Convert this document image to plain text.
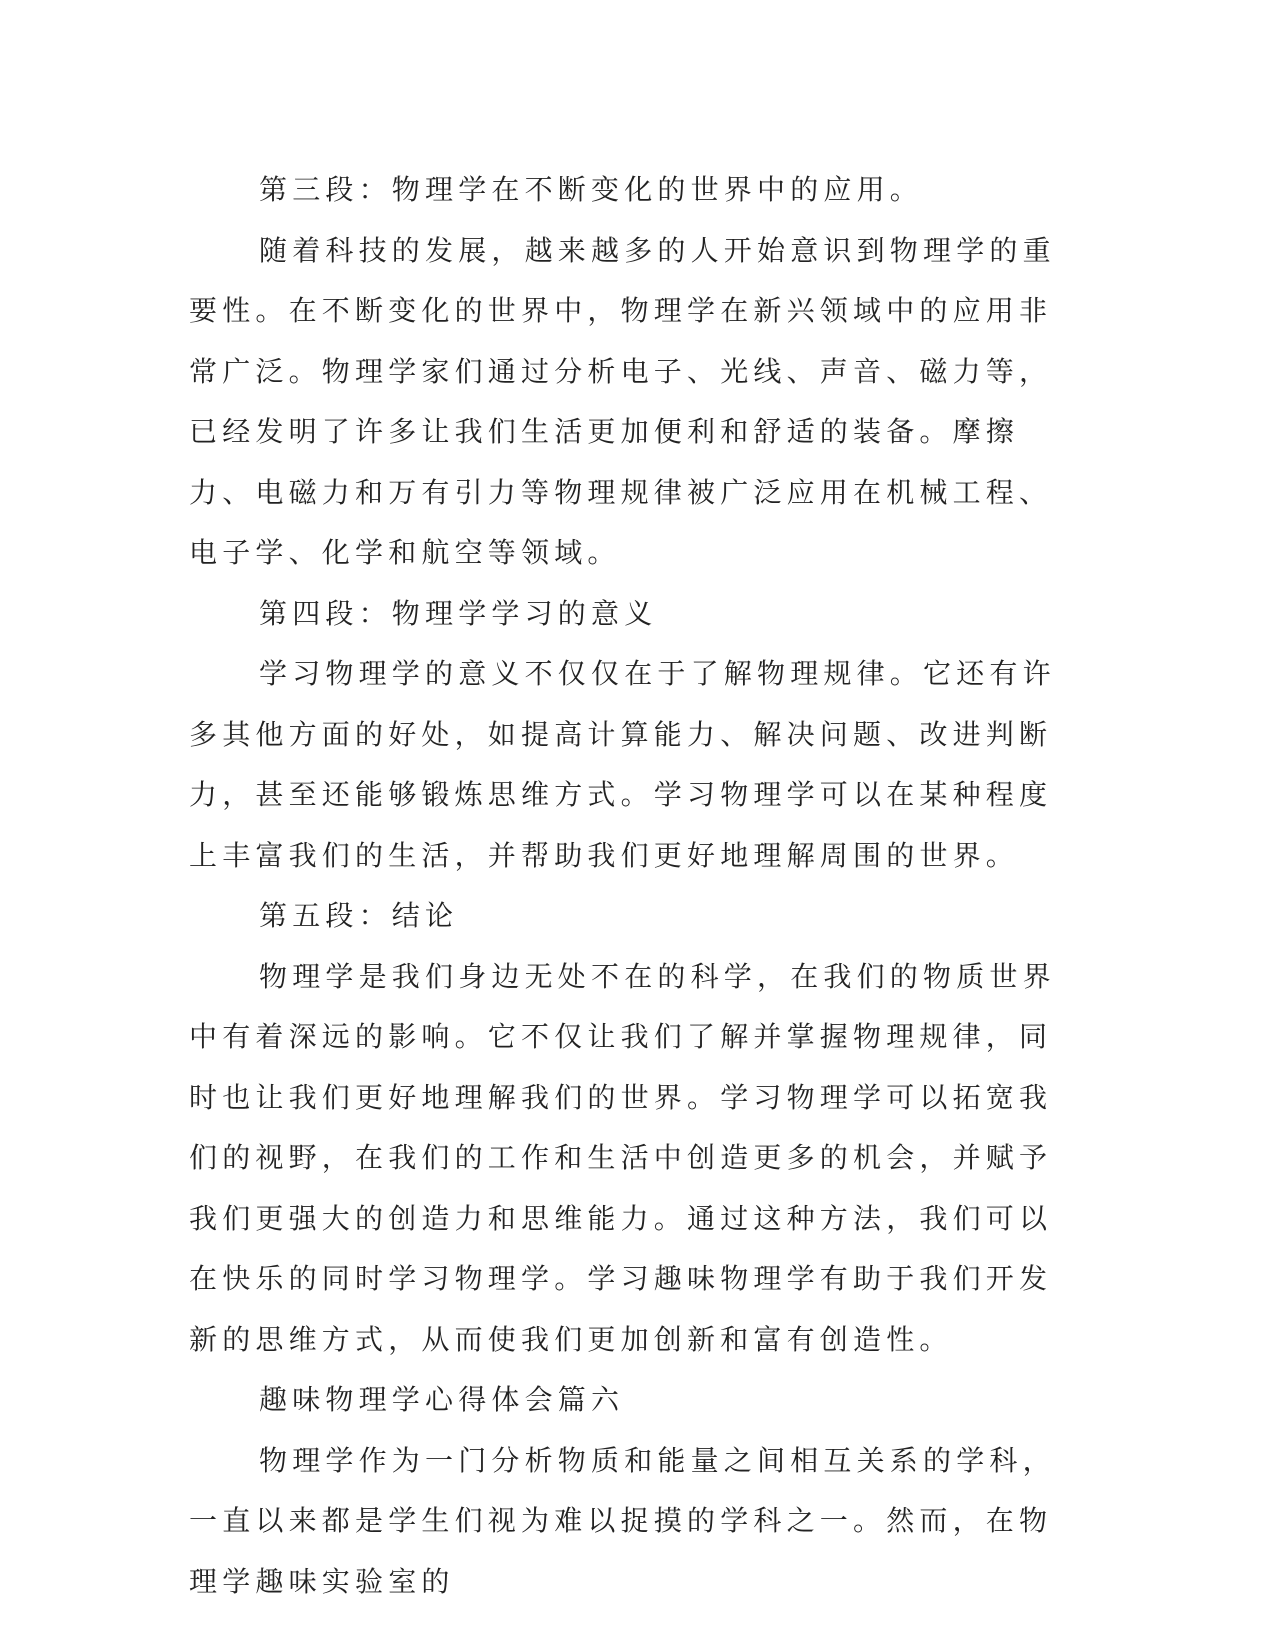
第三段：物理学在不断变化的世界中的应用。

随着科技的发展，越来越多的人开始意识到物理学的重要性。在不断变化的世界中，物理学在新兴领域中的应用非常广泛。物理学家们通过分析电子、光线、声音、磁力等，已经发明了许多让我们生活更加便利和舒适的装备。摩擦力、电磁力和万有引力等物理规律被广泛应用在机械工程、电子学、化学和航空等领域。

第四段：物理学学习的意义

学习物理学的意义不仅仅在于了解物理规律。它还有许多其他方面的好处，如提高计算能力、解决问题、改进判断力，甚至还能够锻炼思维方式。学习物理学可以在某种程度上丰富我们的生活，并帮助我们更好地理解周围的世界。

第五段：结论

物理学是我们身边无处不在的科学，在我们的物质世界中有着深远的影响。它不仅让我们了解并掌握物理规律，同时也让我们更好地理解我们的世界。学习物理学可以拓宽我们的视野，在我们的工作和生活中创造更多的机会，并赋予我们更强大的创造力和思维能力。通过这种方法，我们可以在快乐的同时学习物理学。学习趣味物理学有助于我们开发新的思维方式，从而使我们更加创新和富有创造性。

趣味物理学心得体会篇六

物理学作为一门分析物质和能量之间相互关系的学科，一直以来都是学生们视为难以捉摸的学科之一。然而，在物理学趣味实验室的
